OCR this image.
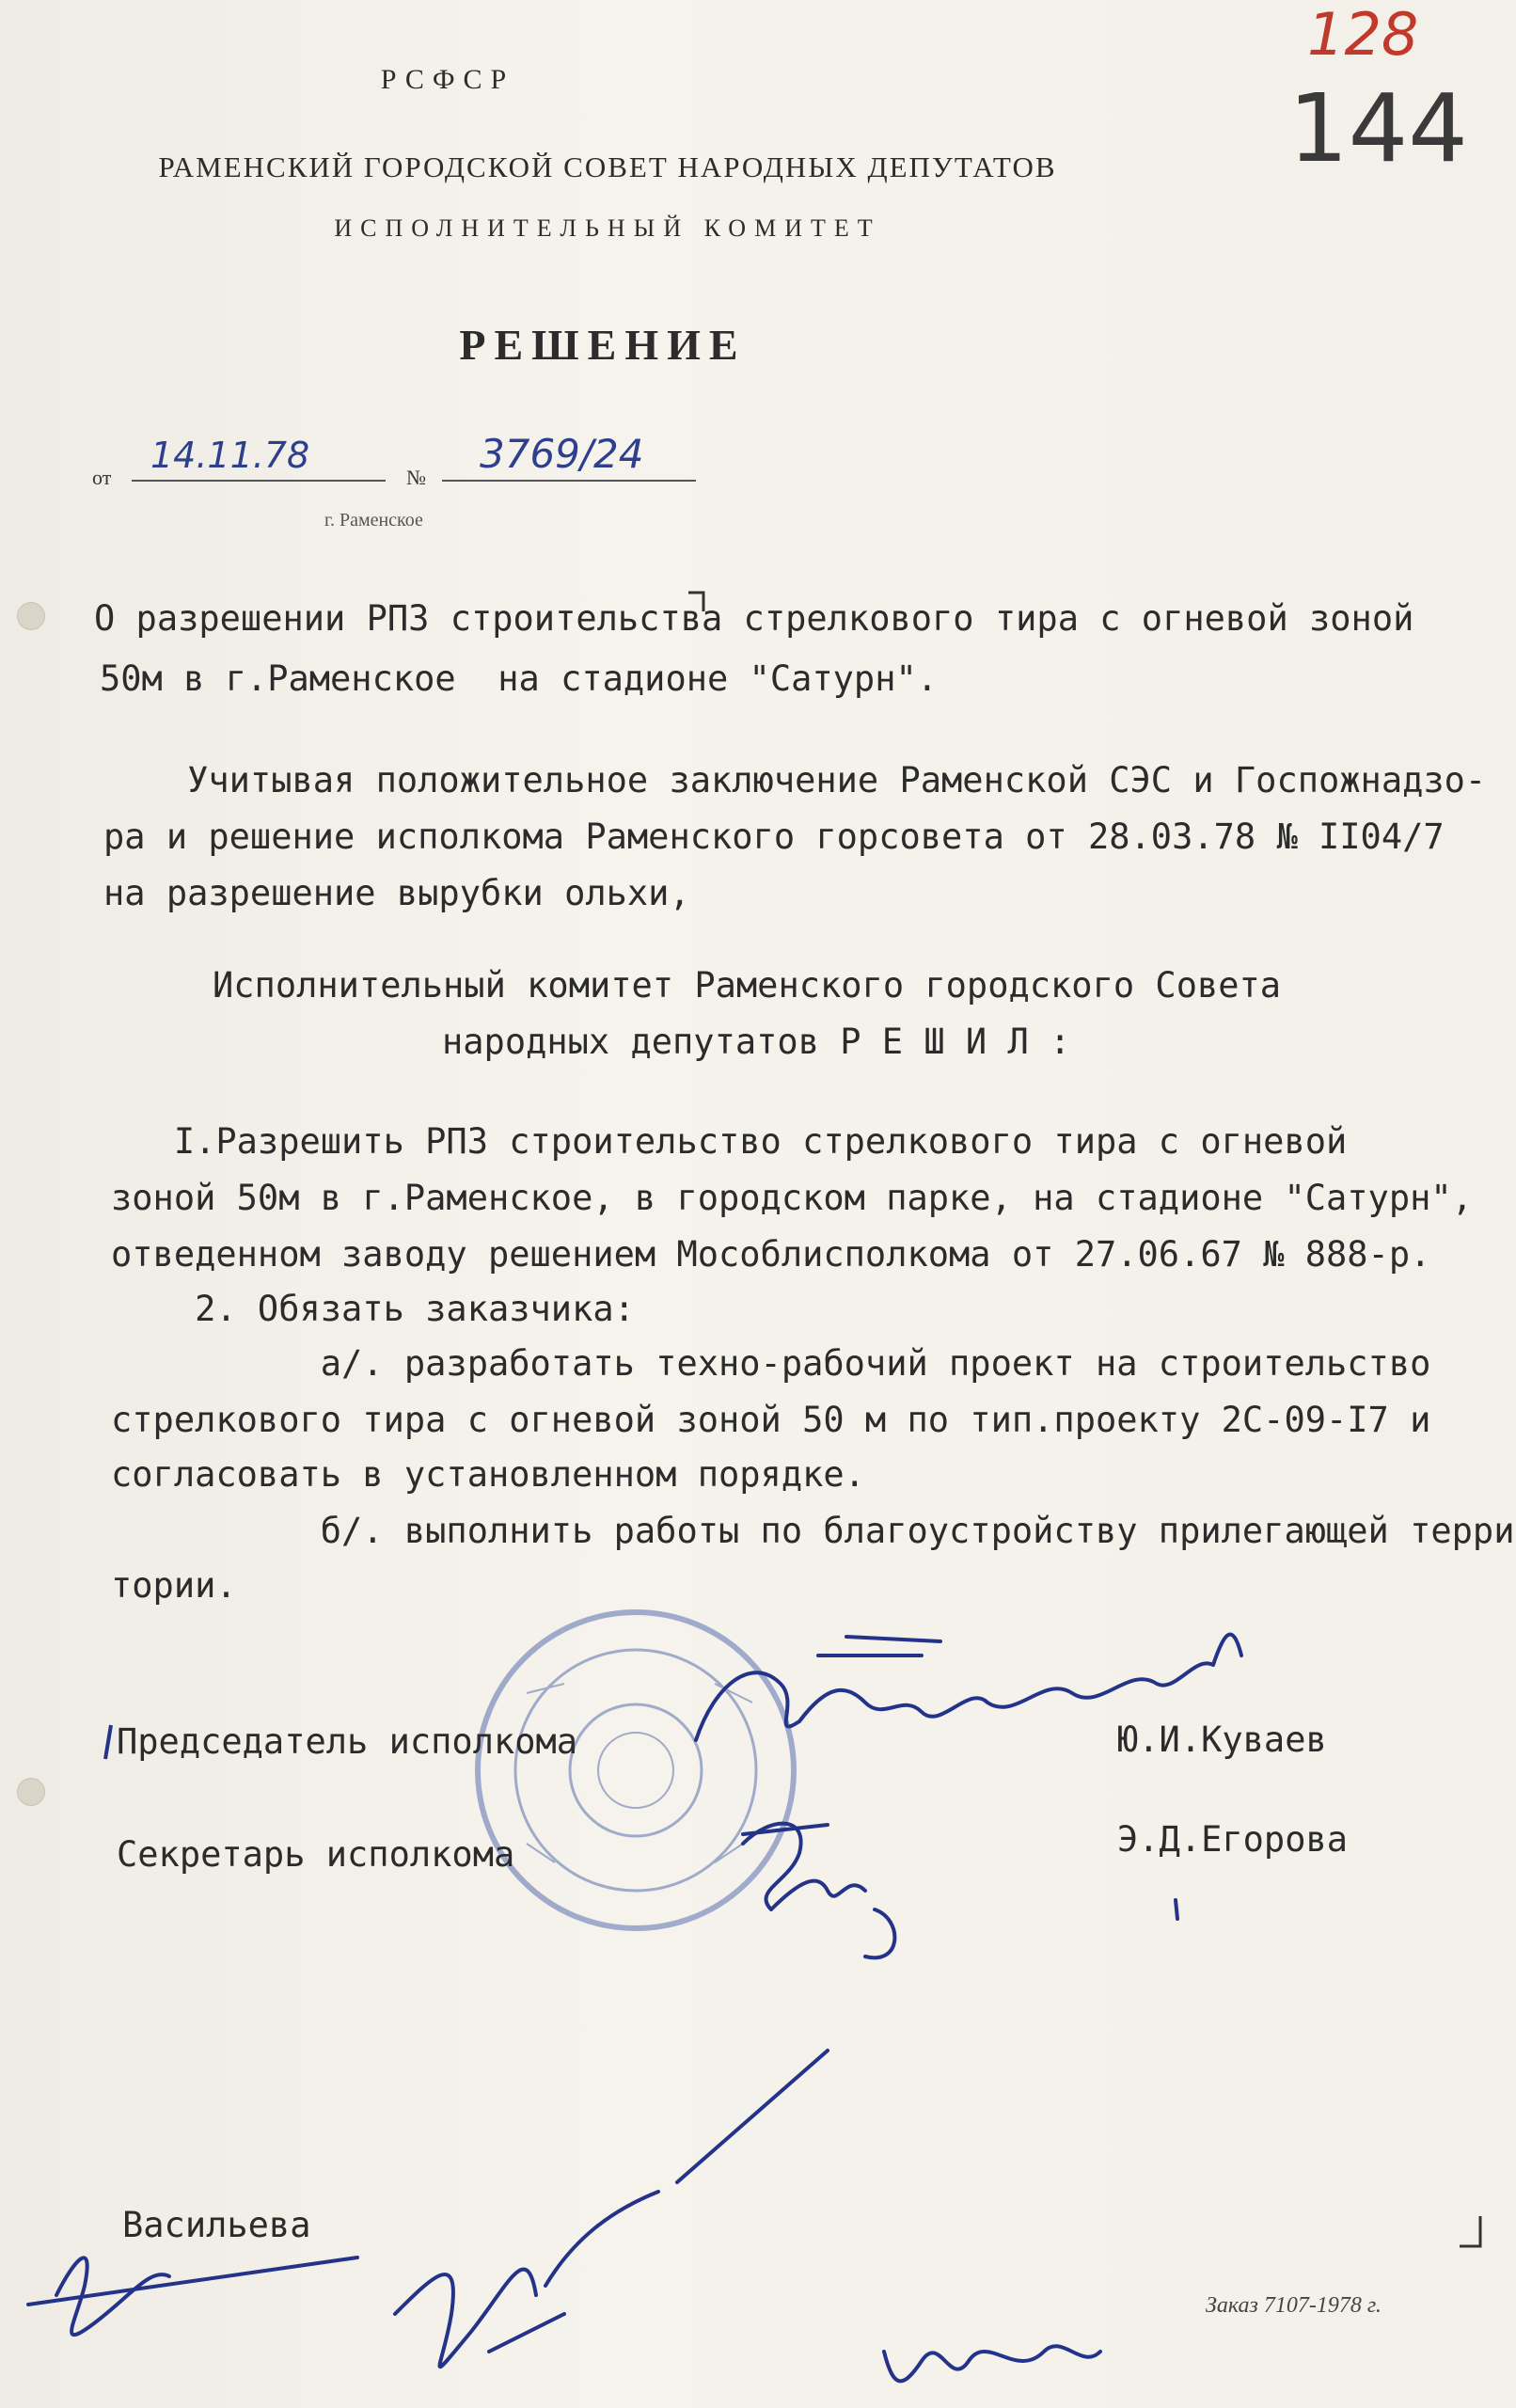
128
144
РСФСР
РАМЕНСКИЙ ГОРОДСКОЙ СОВЕТ НАРОДНЫХ ДЕПУТАТОВ
ИСПОЛНИТЕЛЬНЫЙ КОМИТЕТ
РЕШЕНИЕ
от
14.11.78
№
3769/24
г. Раменское
О разрешении РПЗ строительства стрелкового тира с огневой зоной
50м в г.Раменское  на стадионе "Сатурн".
Учитывая положительное заключение Раменской СЭС и Госпожнадзо-
ра и решение исполкома Раменского горсовета от 28.03.78 № II04/7
на разрешение вырубки ольхи,
Исполнительный комитет Раменского городского Совета
народных депутатов Р Е Ш И Л :
I.Разрешить РПЗ строительство стрелкового тира с огневой
зоной 50м в г.Раменское, в городском парке, на стадионе "Сатурн",
отведенном заводу решением Мособлисполкома от 27.06.67 № 888-р.
2. Обязать заказчика:
а/. разработать техно-рабочий проект на строительство
стрелкового тира с огневой зоной 50 м по тип.проекту 2С-09-I7 и
согласовать в установленном порядке.
б/. выполнить работы по благоустройству прилегающей терри
тории.
Председатель исполкома	Ю.И.Куваев
Секретарь исполкома	Э.Д.Егорова
Васильева
Заказ 7107-1978 г.
